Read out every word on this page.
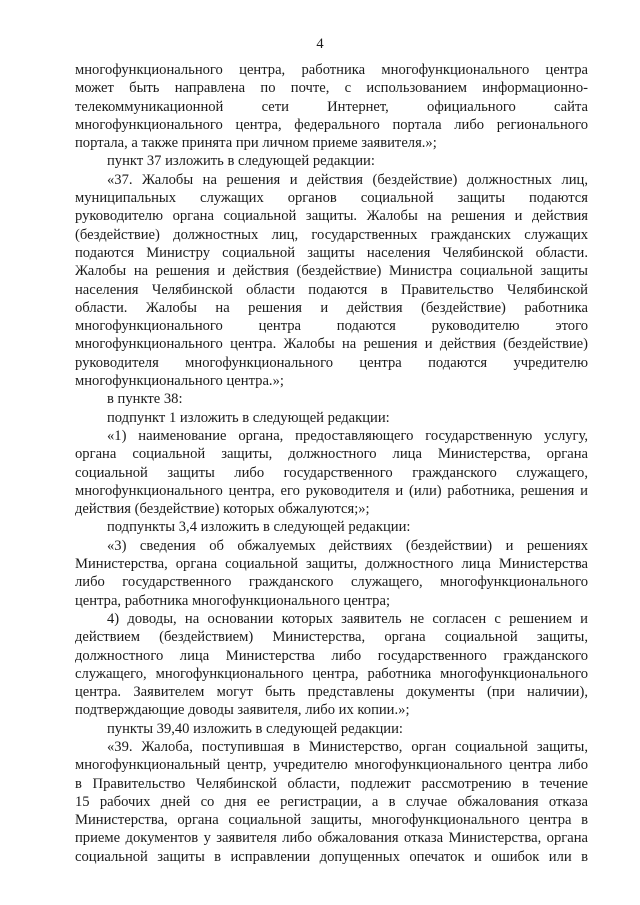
4
многофункционального центра, работника многофункционального центра
может быть направлена по почте, с использованием информационно-
телекоммуникационной сети Интернет, официального сайта
многофункционального центра, федерального портала либо регионального
портала, а также принята при личном приеме заявителя.»;
пункт 37 изложить в следующей редакции:
«37. Жалобы на решения и действия (бездействие) должностных лиц,
муниципальных служащих органов социальной защиты подаются
руководителю органа социальной защиты. Жалобы на решения и действия
(бездействие) должностных лиц, государственных гражданских служащих
подаются Министру социальной защиты населения Челябинской области.
Жалобы на решения и действия (бездействие) Министра социальной защиты
населения Челябинской области подаются в Правительство Челябинской
области. Жалобы на решения и действия (бездействие) работника
многофункционального центра подаются руководителю этого
многофункционального центра. Жалобы на решения и действия (бездействие)
руководителя многофункционального центра подаются учредителю
многофункционального центра.»;
в пункте 38:
подпункт 1 изложить в следующей редакции:
«1) наименование органа, предоставляющего государственную услугу,
органа социальной защиты, должностного лица Министерства, органа
социальной защиты либо государственного гражданского служащего,
многофункционального центра, его руководителя и (или) работника, решения и
действия (бездействие) которых обжалуются;»;
подпункты 3,4 изложить в следующей редакции:
«3) сведения об обжалуемых действиях (бездействии) и решениях
Министерства, органа социальной защиты, должностного лица Министерства
либо государственного гражданского служащего, многофункционального
центра, работника многофункционального центра;
4) доводы, на основании которых заявитель не согласен с решением и
действием (бездействием) Министерства, органа социальной защиты,
должностного лица Министерства либо государственного гражданского
служащего, многофункционального центра, работника многофункционального
центра. Заявителем могут быть представлены документы (при наличии),
подтверждающие доводы заявителя, либо их копии.»;
пункты 39,40 изложить в следующей редакции:
«39. Жалоба, поступившая в Министерство, орган социальной защиты,
многофункциональный центр, учредителю многофункционального центра либо
в Правительство Челябинской области, подлежит рассмотрению в течение
15 рабочих дней со дня ее регистрации, а в случае обжалования отказа
Министерства, органа социальной защиты, многофункционального центра в
приеме документов у заявителя либо обжалования отказа Министерства, органа
социальной защиты в исправлении допущенных опечаток и ошибок или в
